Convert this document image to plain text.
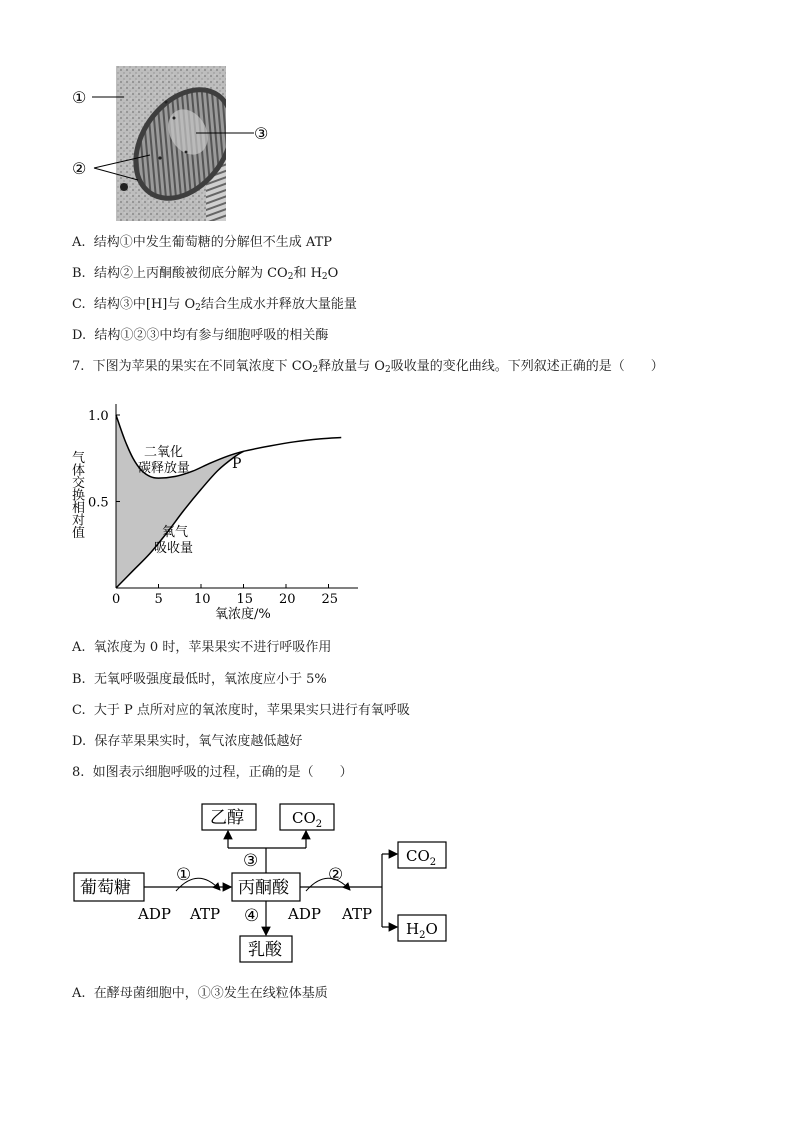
①
③
②
A. 结构①中发生葡萄糖的分解但不生成 ATP
B. 结构②上丙酮酸被彻底分解为 $CO_2$和 $H_2O$
C. 结构③中[H]与 $O_2$结合生成水并释放大量能量
D. 结构①②③中均有参与细胞呼吸的相关酶
7. 下图为苹果的果实在不同氧浓度下 $CO_2$释放量与 $O_2$吸收量的变化曲线。下列叙述正确的是（　　）
0	5 10 15 20 25
0.5
1.0
氧浓度/%
气体交换相对值
二氧化
碳释放量
氧气
吸收量
P
A. 氧浓度为 0 时，苹果果实不进行呼吸作用
B. 无氧呼吸强度最低时，氧浓度应小于 5%
C. 大于 P 点所对应的氧浓度时，苹果果实只进行有氧呼吸
D. 保存苹果果实时，氧气浓度越低越好
8. 如图表示细胞呼吸的过程，正确的是（　　）
乙醇	$CO_2$
葡萄糖	丙酮酸
乳酸
$CO_2$
$H_2O$
①	②
③
④
ADP ATP	ADP ATP
A. 在酵母菌细胞中，①③发生在线粒体基质
